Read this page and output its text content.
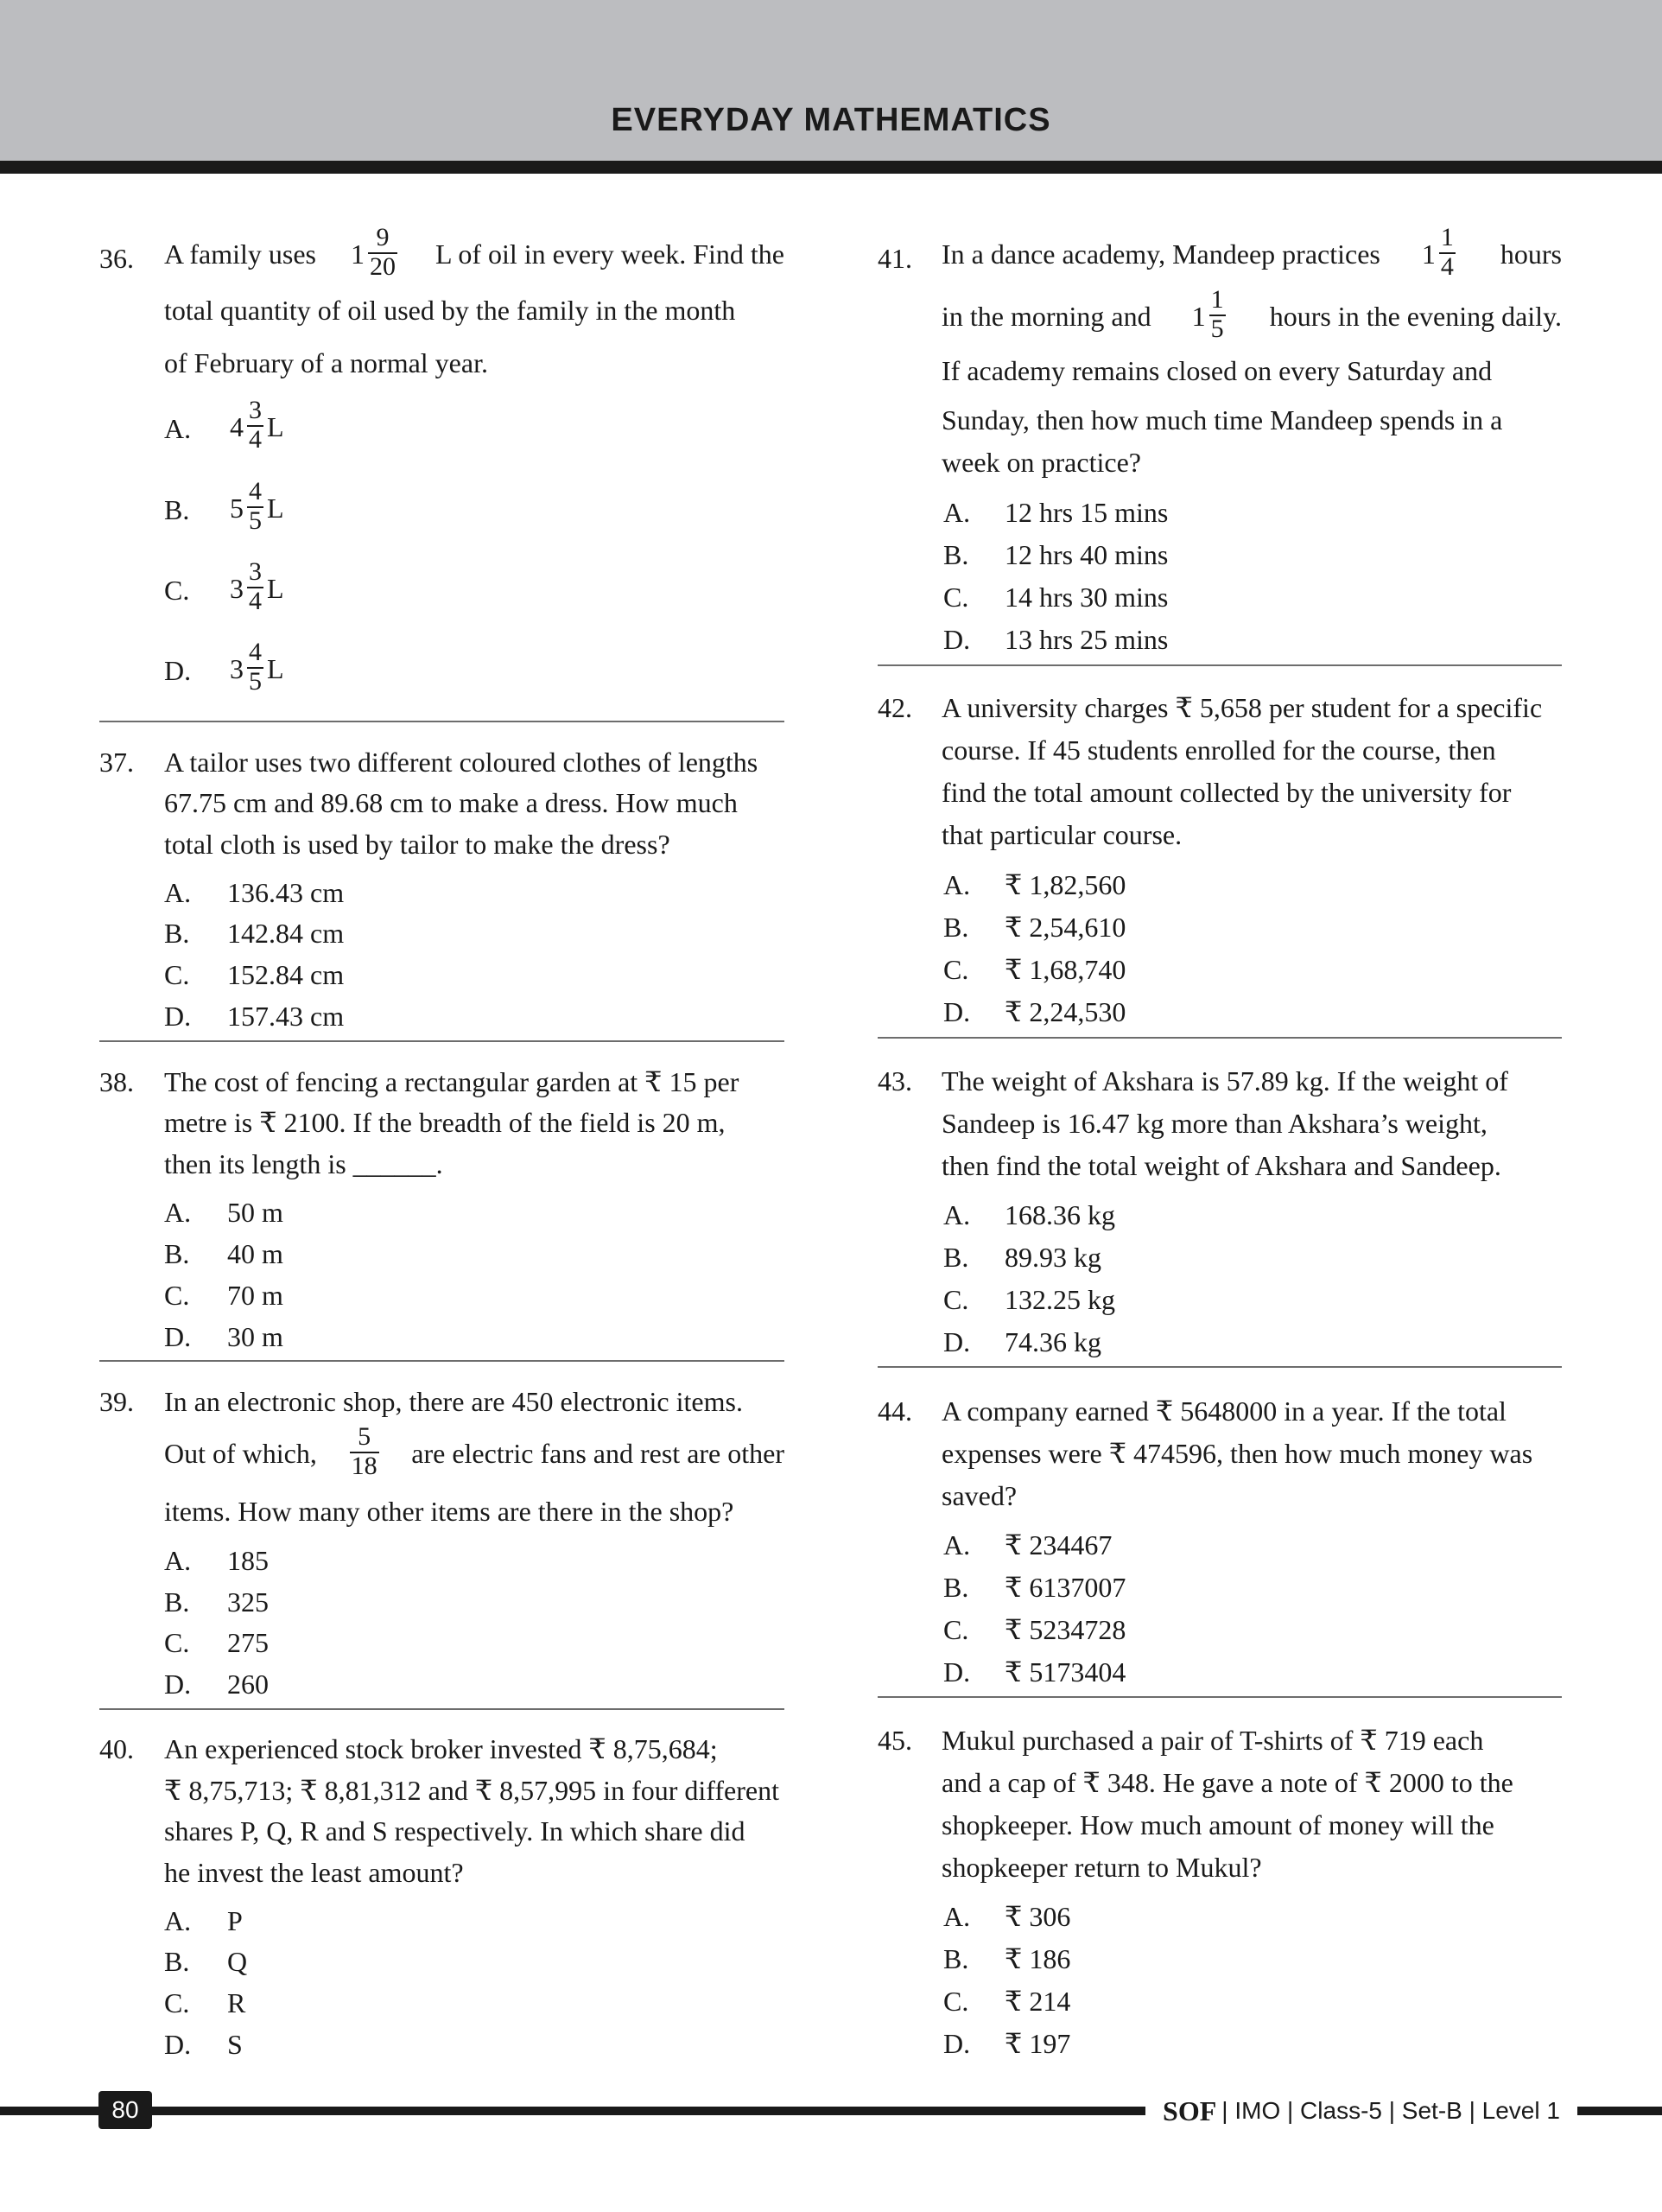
EVERYDAY MATHEMATICS
36. A family uses $1 \frac{9}{20}$ L of oil in every week. Find the
total quantity of oil used by the family in the month
of February of a normal year.
A. $4 \frac{3}{4}$ L
B. $5 \frac{4}{5}$ L
C. $3 \frac{3}{4}$ L
D. $3 \frac{4}{5}$ L
37. A tailor uses two different coloured clothes of lengths
67.75 cm and 89.68 cm to make a dress. How much
total cloth is used by tailor to make the dress?
A. 136.43 cm
B. 142.84 cm
C. 152.84 cm
D. 157.43 cm
38. The cost of fencing a rectangular garden at ₹ 15 per
metre is ₹ 2100. If the breadth of the field is 20 m,
then its length is ______.
A. 50 m
B. 40 m
C. 70 m
D. 30 m
39. In an electronic shop, there are 450 electronic items.
Out of which, $\frac{5}{18}$ are electric fans and rest are other
items. How many other items are there in the shop?
A. 185
B. 325
C. 275
D. 260
40. An experienced stock broker invested ₹ 8,75,684;
₹ 8,75,713; ₹ 8,81,312 and ₹ 8,57,995 in four different
shares P, Q, R and S respectively. In which share did
he invest the least amount?
A. P
B. Q
C. R
D. S
41. In a dance academy, Mandeep practices $1 \frac{1}{4}$ hours
in the morning and $1 \frac{1}{5}$ hours in the evening daily.
If academy remains closed on every Saturday and
Sunday, then how much time Mandeep spends in a
week on practice?
A. 12 hrs 15 mins
B. 12 hrs 40 mins
C. 14 hrs 30 mins
D. 13 hrs 25 mins
42. A university charges ₹ 5,658 per student for a specific
course. If 45 students enrolled for the course, then
find the total amount collected by the university for
that particular course.
A. ₹ 1,82,560
B. ₹ 2,54,610
C. ₹ 1,68,740
D. ₹ 2,24,530
43. The weight of Akshara is 57.89 kg. If the weight of
Sandeep is 16.47 kg more than Akshara’s weight,
then find the total weight of Akshara and Sandeep.
A. 168.36 kg
B. 89.93 kg
C. 132.25 kg
D. 74.36 kg
44. A company earned ₹ 5648000 in a year. If the total
expenses were ₹ 474596, then how much money was
saved?
A. ₹ 234467
B. ₹ 6137007
C. ₹ 5234728
D. ₹ 5173404
45. Mukul purchased a pair of T-shirts of ₹ 719 each
and a cap of ₹ 348. He gave a note of ₹ 2000 to the
shopkeeper. How much amount of money will the
shopkeeper return to Mukul?
A. ₹ 306
B. ₹ 186
C. ₹ 214
D. ₹ 197
80	SOF | IMO | Class-5 | Set-B | Level 1
